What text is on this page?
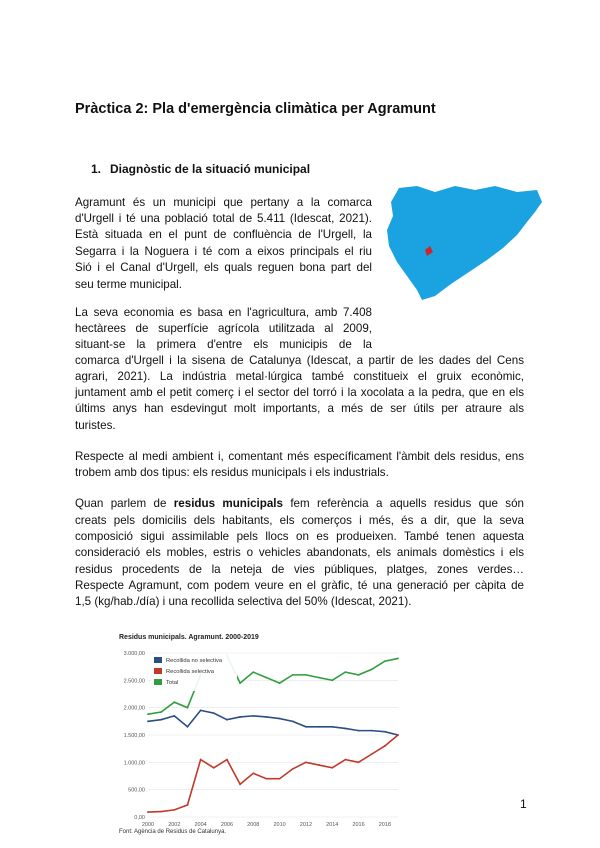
Pràctica 2: Pla d'emergència climàtica per Agramunt
1. Diagnòstic de la situació municipal
Agramunt és un municipi que pertany a la comarca
d'Urgell i té una població total de 5.411 (Idescat, 2021).
Està situada en el punt de confluència de l'Urgell, la
Segarra i la Noguera i té com a eixos principals el riu
Sió i el Canal d'Urgell, els quals reguen bona part del
seu terme municipal.
La seva economia es basa en l'agricultura, amb 7.408
hectàrees de superfície agrícola utilitzada al 2009,
situant-se la primera d'entre els municipis de la
comarca d'Urgell i la sisena de Catalunya (Idescat, a partir de les dades del Cens
agrari, 2021). La indústria metal·lúrgica també constitueix el gruix econòmic,
juntament amb el petit comerç i el sector del torró i la xocolata a la pedra, que en els
últims anys han esdevingut molt importants, a més de ser útils per atraure als
turistes.
Respecte al medi ambient i, comentant més específicament l'àmbit dels residus, ens
trobem amb dos tipus: els residus municipals i els industrials.
Quan parlem de residus municipals fem referència a aquells residus que són
creats pels domicilis dels habitants, els comerços i més, és a dir, que la seva
composició sigui assimilable pels llocs on es produeixen. També tenen aquesta
consideració els mobles, estris o vehicles abandonats, els animals domèstics i els
residus procedents de la neteja de vies públiques, platges, zones verdes…
Respecte Agramunt, com podem veure en el gràfic, té una generació per càpita de
1,5 (kg/hab./día) i una recollida selectiva del 50% (Idescat, 2021).
Residus municipals. Agramunt. 2000-2019
0,00
500,00
1.000,00
1.500,00
2.000,00
2.500,00
3.000,00
2000	2002	2004	2006	2008	2010	2012	2014	2016	2018
Recollida no selectiva
Recollida selectiva
Total
Font: Agència de Residus de Catalunya.
1
